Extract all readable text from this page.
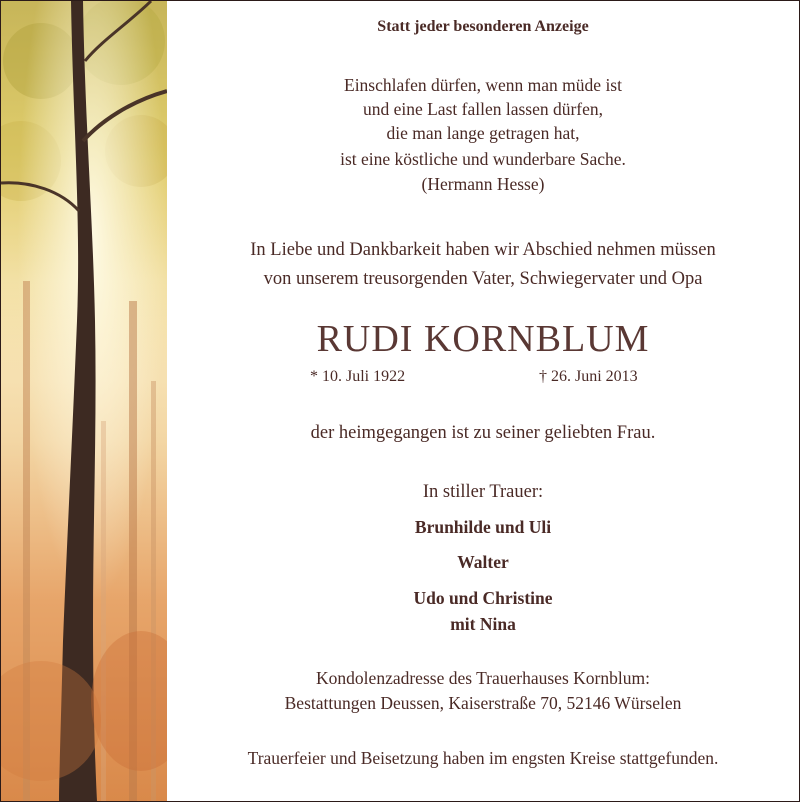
Statt jeder besonderen Anzeige
Einschlafen dürfen, wenn man müde ist
und eine Last fallen lassen dürfen,
die man lange getragen hat,
ist eine köstliche und wunderbare Sache.
(Hermann Hesse)
In Liebe und Dankbarkeit haben wir Abschied nehmen müssen
von unserem treusorgenden Vater, Schwiegervater und Opa
RUDI KORNBLUM
* 10. Juli 1922	† 26. Juni 2013
der heimgegangen ist zu seiner geliebten Frau.
In stiller Trauer:
Brunhilde und Uli
Walter
Udo und Christine
mit Nina
Kondolenzadresse des Trauerhauses Kornblum:
Bestattungen Deussen, Kaiserstraße 70, 52146 Würselen
Trauerfeier und Beisetzung haben im engsten Kreise stattgefunden.
